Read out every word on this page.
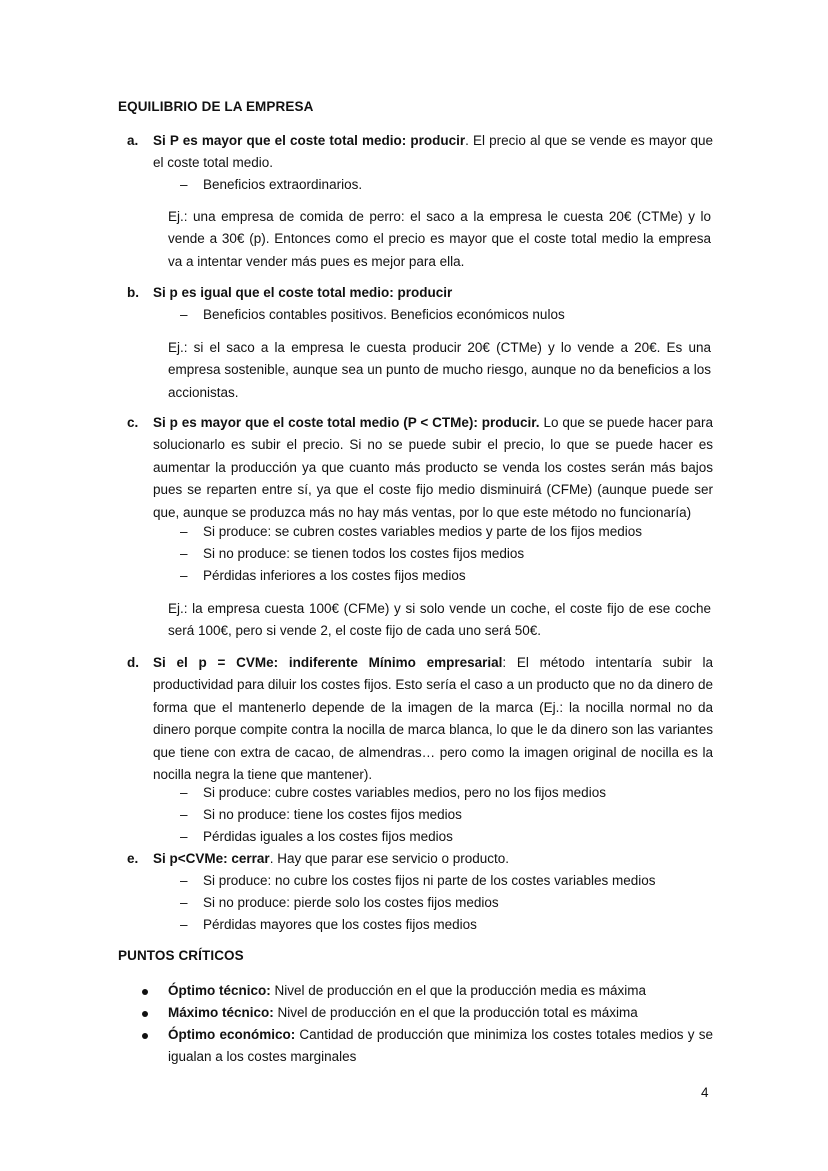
EQUILIBRIO DE LA EMPRESA
a. Si P es mayor que el coste total medio: producir. El precio al que se vende es mayor que el coste total medio.
– Beneficios extraordinarios.
Ej.: una empresa de comida de perro: el saco a la empresa le cuesta 20€ (CTMe) y lo vende a 30€ (p). Entonces como el precio es mayor que el coste total medio la empresa va a intentar vender más pues es mejor para ella.
b. Si p es igual que el coste total medio: producir
– Beneficios contables positivos. Beneficios económicos nulos
Ej.: si el saco a la empresa le cuesta producir 20€ (CTMe) y lo vende a 20€. Es una empresa sostenible, aunque sea un punto de mucho riesgo, aunque no da beneficios a los accionistas.
c. Si p es mayor que el coste total medio (P < CTMe): producir. Lo que se puede hacer para solucionarlo es subir el precio. Si no se puede subir el precio, lo que se puede hacer es aumentar la producción ya que cuanto más producto se venda los costes serán más bajos pues se reparten entre sí, ya que el coste fijo medio disminuirá (CFMe) (aunque puede ser que, aunque se produzca más no hay más ventas, por lo que este método no funcionaría)
– Si produce: se cubren costes variables medios y parte de los fijos medios
– Si no produce: se tienen todos los costes fijos medios
– Pérdidas inferiores a los costes fijos medios
Ej.: la empresa cuesta 100€ (CFMe) y si solo vende un coche, el coste fijo de ese coche será 100€, pero si vende 2, el coste fijo de cada uno será 50€.
d. Si el p = CVMe: indiferente Mínimo empresarial: El método intentaría subir la productividad para diluir los costes fijos. Esto sería el caso a un producto que no da dinero de forma que el mantenerlo depende de la imagen de la marca (Ej.: la nocilla normal no da dinero porque compite contra la nocilla de marca blanca, lo que le da dinero son las variantes que tiene con extra de cacao, de almendras… pero como la imagen original de nocilla es la nocilla negra la tiene que mantener).
– Si produce: cubre costes variables medios, pero no los fijos medios
– Si no produce: tiene los costes fijos medios
– Pérdidas iguales a los costes fijos medios
e. Si p<CVMe: cerrar. Hay que parar ese servicio o producto.
– Si produce: no cubre los costes fijos ni parte de los costes variables medios
– Si no produce: pierde solo los costes fijos medios
– Pérdidas mayores que los costes fijos medios
PUNTOS CRÍTICOS
Óptimo técnico: Nivel de producción en el que la producción media es máxima
Máximo técnico: Nivel de producción en el que la producción total es máxima
Óptimo económico: Cantidad de producción que minimiza los costes totales medios y se igualan a los costes marginales
4
